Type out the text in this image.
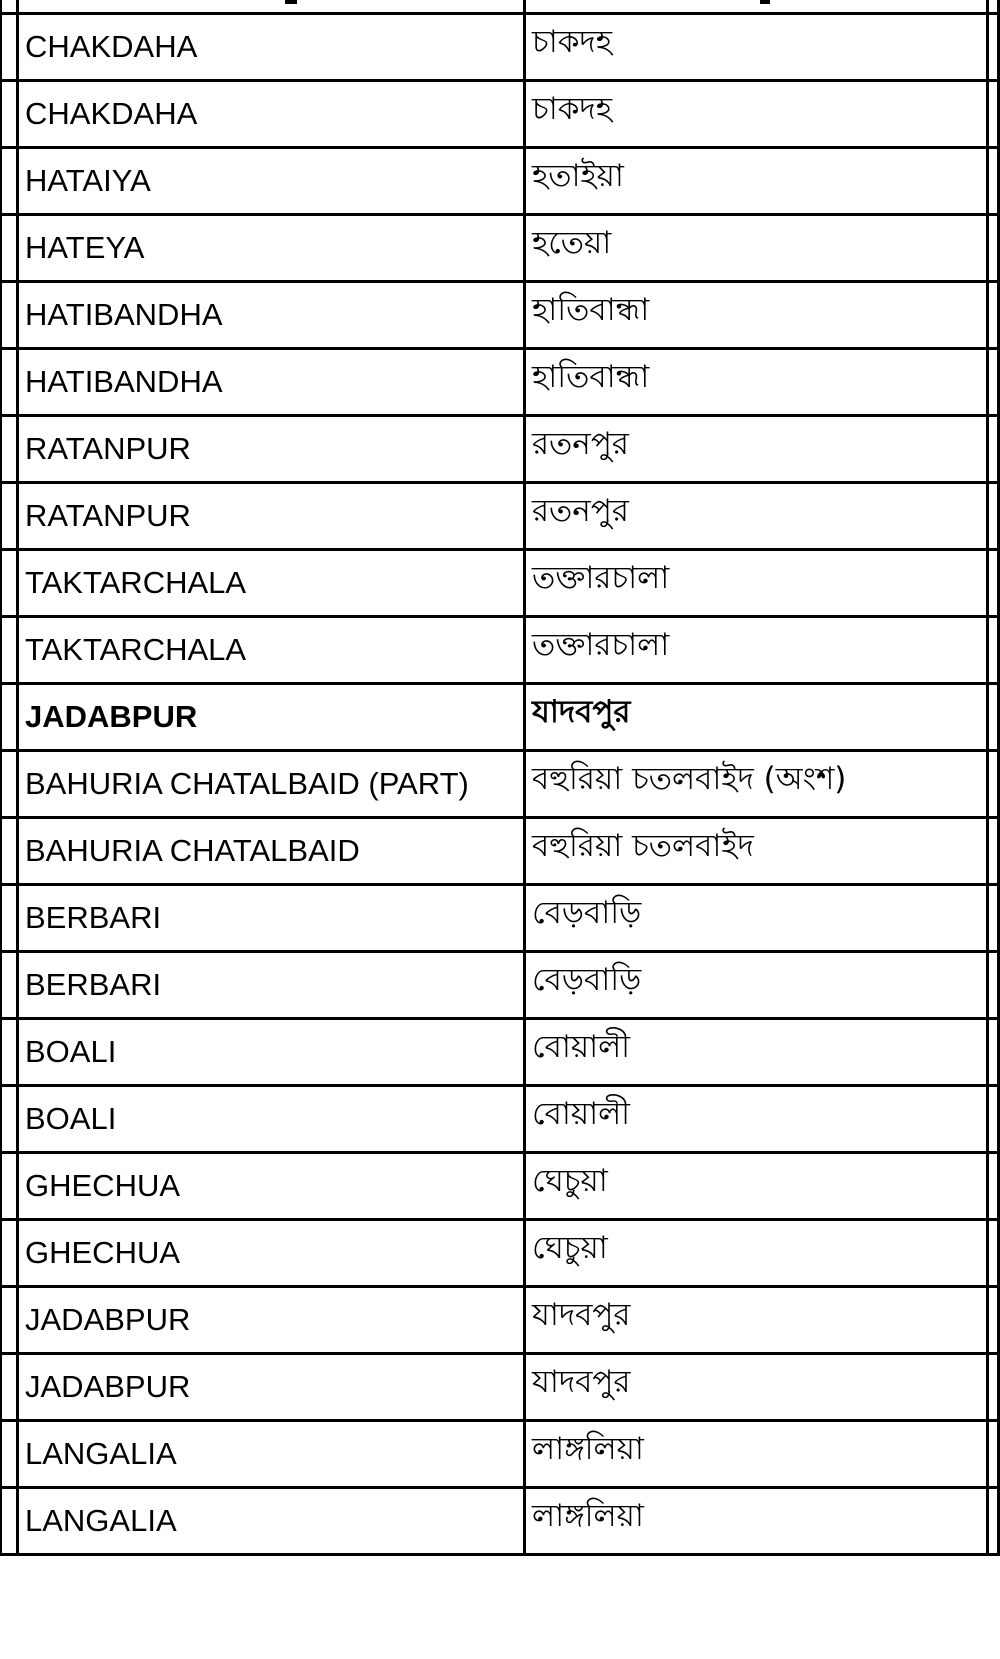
CHAKDAHA	চাকদহ
CHAKDAHA	চাকদহ
HATAIYA	হতাইয়া
HATEYA	হতেয়া
HATIBANDHA	হাতিবান্ধা
HATIBANDHA	হাতিবান্ধা
RATANPUR	রতনপুর
RATANPUR	রতনপুর
TAKTARCHALA	তক্তারচালা
TAKTARCHALA	তক্তারচালা
JADABPUR	যাদবপুর
BAHURIA CHATALBAID (PART) বহুরিয়া চতলবাইদ (অংশ)
BAHURIA CHATALBAID	বহুরিয়া চতলবাইদ
BERBARI	বেড়বাড়ি
BERBARI	বেড়বাড়ি
BOALI	বোয়ালী
BOALI	বোয়ালী
GHECHUA	ঘেচুয়া
GHECHUA	ঘেচুয়া
JADABPUR	যাদবপুর
JADABPUR	যাদবপুর
LANGALIA	লাঙ্গলিয়া
LANGALIA	লাঙ্গলিয়া
